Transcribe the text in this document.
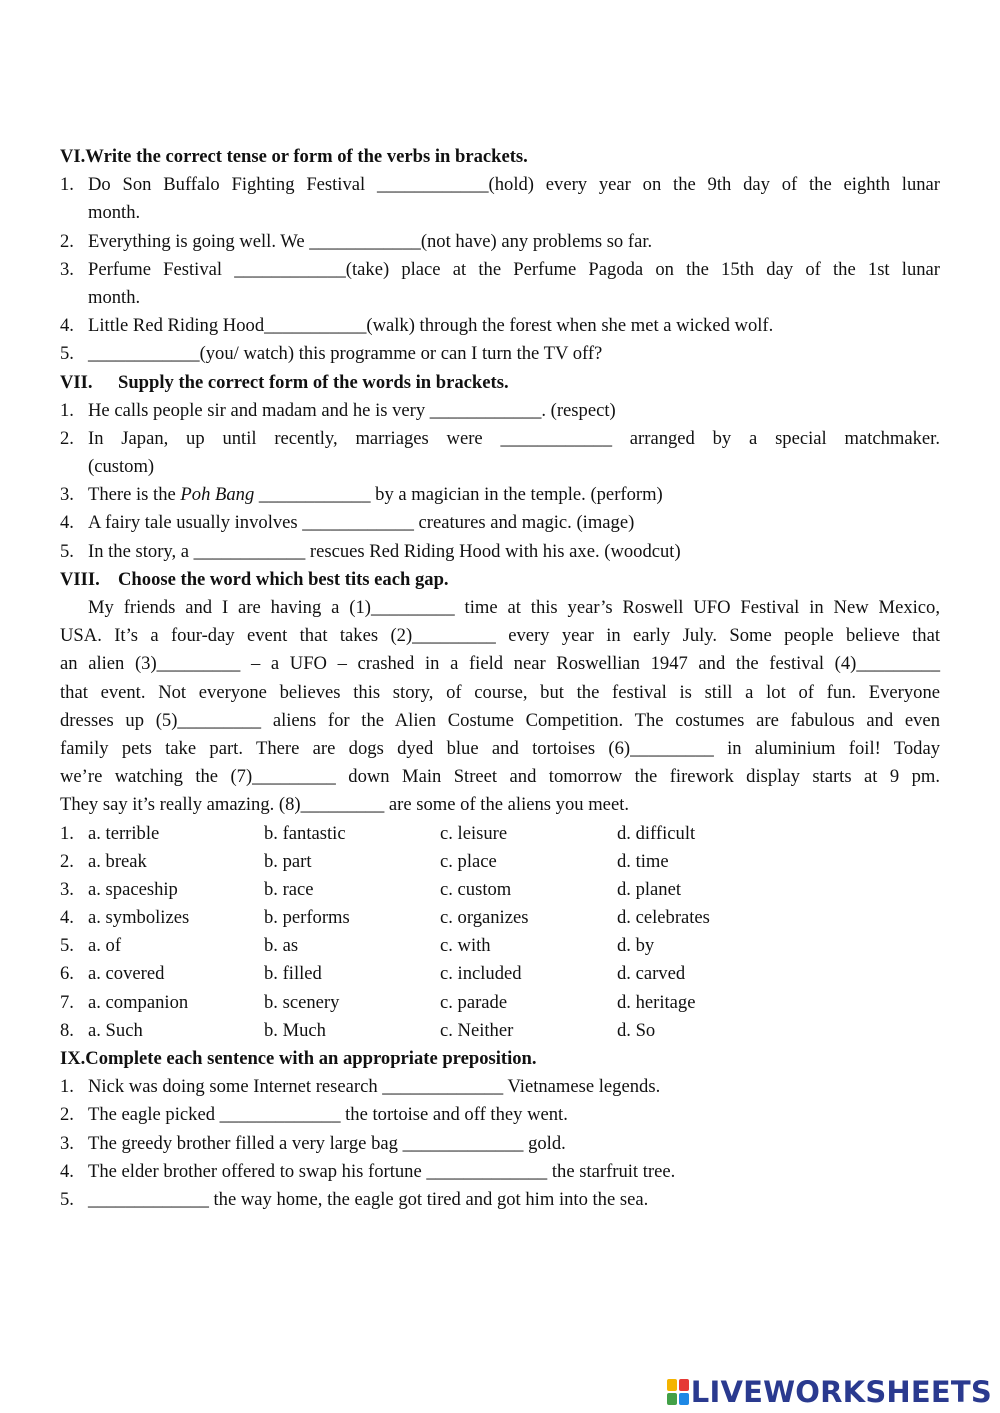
VI.Write the correct tense or form of the verbs in brackets.
1. Do Son Buffalo Fighting Festival ____________(hold) every year on the 9th day of the eighth lunar
month.
2. Everything is going well. We ____________(not have) any problems so far.
3. Perfume Festival ____________(take) place at the Perfume Pagoda on the 15th day of the 1st lunar
month.
4. Little Red Riding Hood___________(walk) through the forest when she met a wicked wolf.
5. ____________(you/ watch) this programme or can I turn the TV off?
VII. Supply the correct form of the words in brackets.
1. He calls people sir and madam and he is very ____________. (respect)
2. In Japan, up until recently, marriages were ____________ arranged by a special matchmaker.
(custom)
3. There is the Poh Bang ____________ by a magician in the temple. (perform)
4. A fairy tale usually involves ____________ creatures and magic. (image)
5. In the story, a ____________ rescues Red Riding Hood with his axe. (woodcut)
VIII. Choose the word which best tits each gap.
My friends and I are having a (1)_________ time at this year’s Roswell UFO Festival in New Mexico,
USA. It’s a four-day event that takes (2)_________ every year in early July. Some people believe that
an alien (3)_________ – a UFO – crashed in a field near Roswellian 1947 and the festival (4)_________
that event. Not everyone believes this story, of course, but the festival is still a lot of fun. Everyone
dresses up (5)_________ aliens for the Alien Costume Competition. The costumes are fabulous and even
family pets take part. There are dogs dyed blue and tortoises (6)_________ in aluminium foil! Today
we’re watching the (7)_________ down Main Street and tomorrow the firework display starts at 9 pm.
They say it’s really amazing. (8)_________ are some of the aliens you meet.
1. a. terrible	b. fantastic	c. leisure	d. difficult
2. a. break	b. part	c. place	d. time
3. a. spaceship	b. race	c. custom	d. planet
4. a. symbolizes	b. performs	c. organizes	d. celebrates
5. a. of	b. as	c. with	d. by
6. a. covered	b. filled	c. included	d. carved
7. a. companion	b. scenery	c. parade	d. heritage
8. a. Such	b. Much	c. Neither	d. So
IX.Complete each sentence with an appropriate preposition.
1. Nick was doing some Internet research _____________ Vietnamese legends.
2. The eagle picked _____________ the tortoise and off they went.
3. The greedy brother filled a very large bag _____________ gold.
4. The elder brother offered to swap his fortune _____________ the starfruit tree.
5. _____________ the way home, the eagle got tired and got him into the sea.
LIVEWORKSHEETS
